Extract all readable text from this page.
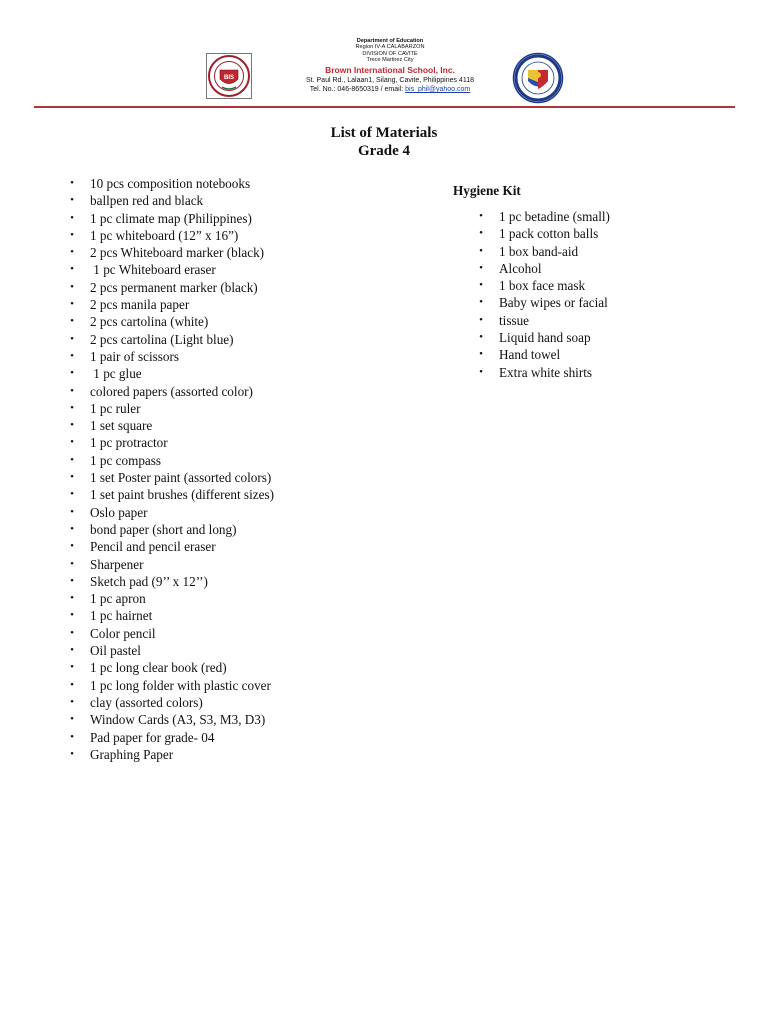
BIS
Department of Education
Region IV-A CALABARZON
DIVISION OF CAVITE
Trece Martirez City
Brown International School, Inc.
St. Paul Rd., Lalaan1, Silang, Cavite, Philippines 4118
Tel. No.: 046-8650319 / email: bis_phil@yahoo.com
List of Materials
Grade 4
• 10 pcs composition notebooks
• ballpen red and black
• 1 pc climate map (Philippines)
• 1 pc whiteboard (12” x 16”)
• 2 pcs Whiteboard marker (black)
• 1 pc Whiteboard eraser
• 2 pcs permanent marker (black)
• 2 pcs manila paper
• 2 pcs cartolina (white)
• 2 pcs cartolina (Light blue)
• 1 pair of scissors
• 1 pc glue
• colored papers (assorted color)
• 1 pc ruler
• 1 set square
• 1 pc protractor
• 1 pc compass
• 1 set Poster paint (assorted colors)
• 1 set paint brushes (different sizes)
• Oslo paper
• bond paper (short and long)
• Pencil and pencil eraser
• Sharpener
• Sketch pad (9’’ x 12’’)
• 1 pc apron
• 1 pc hairnet
• Color pencil
• Oil pastel
• 1 pc long clear book (red)
• 1 pc long folder with plastic cover
• clay (assorted colors)
• Window Cards (A3, S3, M3, D3)
• Pad paper for grade- 04
• Graphing Paper
Hygiene Kit
• 1 pc betadine (small)
• 1 pack cotton balls
• 1 box band-aid
• Alcohol
• 1 box face mask
• Baby wipes or facial
• tissue
• Liquid hand soap
• Hand towel
• Extra white shirts
